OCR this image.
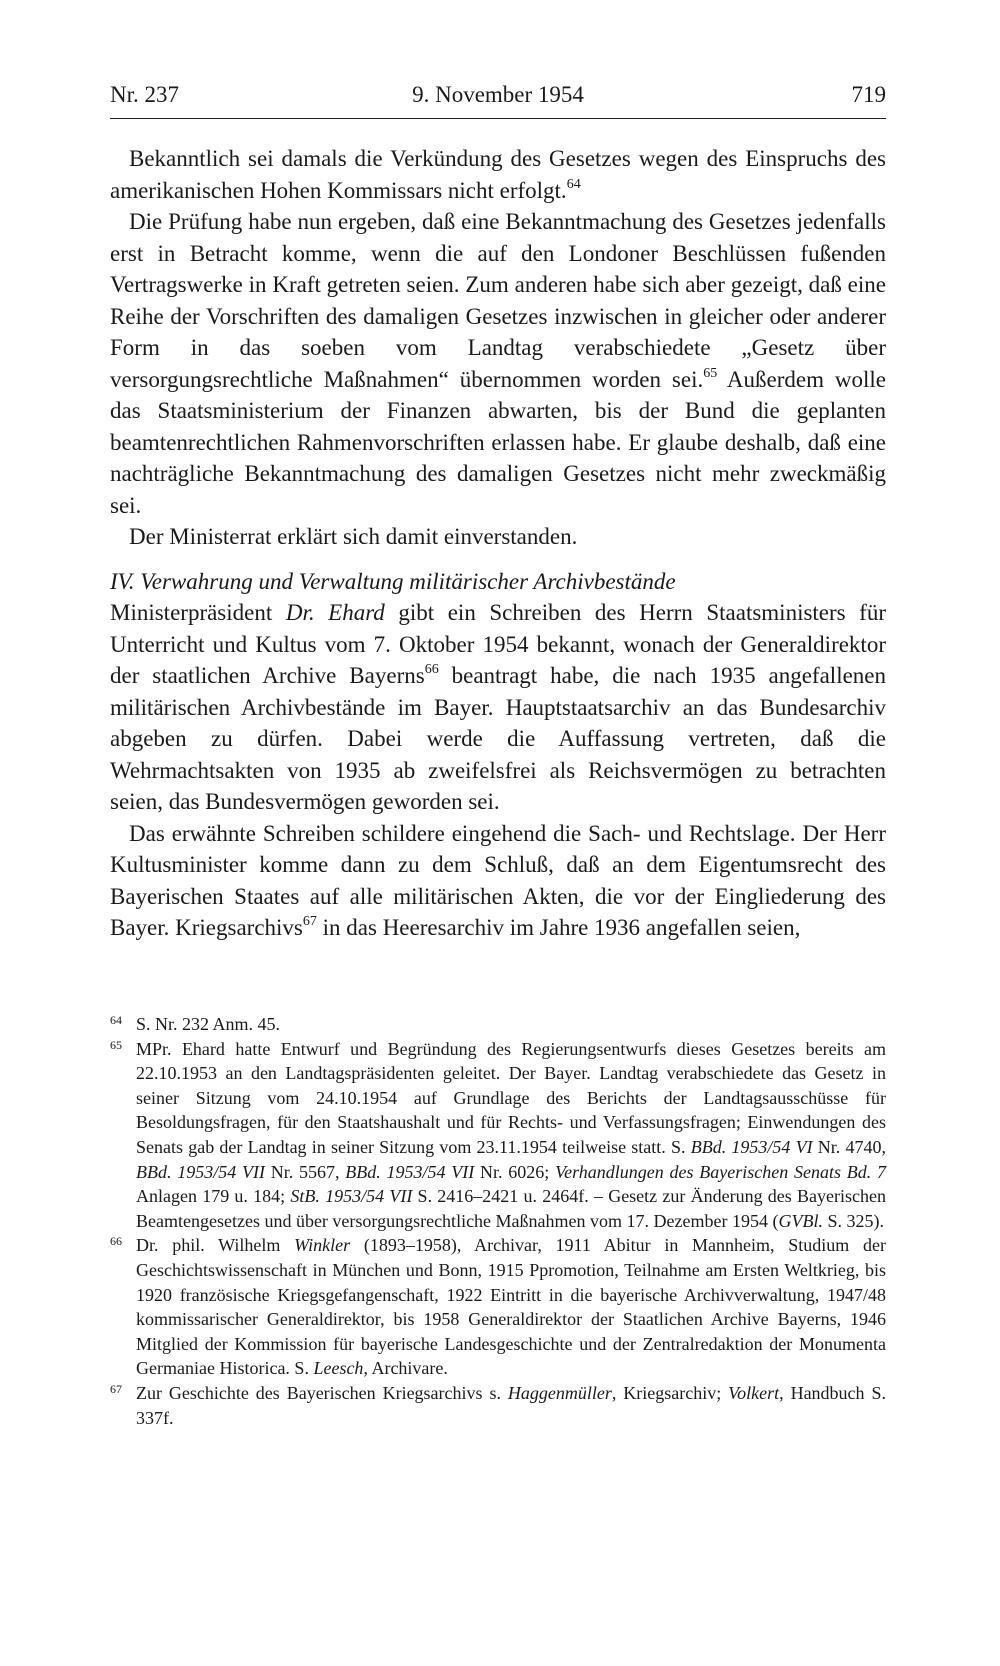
Nr. 237	9. November 1954	719

Bekanntlich sei damals die Verkündung des Gesetzes wegen des Einspruchs des amerikanischen Hohen Kommissars nicht erfolgt.$^{64}$

Die Prüfung habe nun ergeben, daß eine Bekanntmachung des Gesetzes jedenfalls erst in Betracht komme, wenn die auf den Londoner Beschlüssen fußenden Vertragswerke in Kraft getreten seien. Zum anderen habe sich aber gezeigt, daß eine Reihe der Vorschriften des damaligen Gesetzes inzwischen in gleicher oder anderer Form in das soeben vom Landtag verabschiedete „Gesetz über versorgungsrechtliche Maßnahmen“ übernommen worden sei.$^{65}$ Außerdem wolle das Staatsministerium der Finanzen abwarten, bis der Bund die geplanten beamtenrechtlichen Rahmenvorschriften erlassen habe. Er glaube deshalb, daß eine nachträgliche Bekanntmachung des damaligen Gesetzes nicht mehr zweckmäßig sei.

Der Ministerrat erklärt sich damit einverstanden.

IV. Verwahrung und Verwaltung militärischer Archivbestände

Ministerpräsident Dr. Ehard gibt ein Schreiben des Herrn Staatsministers für Unterricht und Kultus vom 7. Oktober 1954 bekannt, wonach der Generaldirektor der staatlichen Archive Bayerns$^{66}$ beantragt habe, die nach 1935 angefallenen militärischen Archivbestände im Bayer. Hauptstaatsarchiv an das Bundesarchiv abgeben zu dürfen. Dabei werde die Auffassung vertreten, daß die Wehrmachtsakten von 1935 ab zweifelsfrei als Reichsvermögen zu betrachten seien, das Bundesvermögen geworden sei.

Das erwähnte Schreiben schildere eingehend die Sach- und Rechtslage. Der Herr Kultusminister komme dann zu dem Schluß, daß an dem Eigentumsrecht des Bayerischen Staates auf alle militärischen Akten, die vor der Eingliederung des Bayer. Kriegsarchivs$^{67}$ in das Heeresarchiv im Jahre 1936 angefallen seien,

64 S. Nr. 232 Anm. 45.

65 MPr. Ehard hatte Entwurf und Begründung des Regierungsentwurfs dieses Gesetzes bereits am 22.10.1953 an den Landtagspräsidenten geleitet. Der Bayer. Landtag verabschiedete das Gesetz in seiner Sitzung vom 24.10.1954 auf Grundlage des Berichts der Landtagsausschüsse für Besoldungsfragen, für den Staatshaushalt und für Rechts- und Verfassungsfragen; Einwendungen des Senats gab der Landtag in seiner Sitzung vom 23.11.1954 teilweise statt. S. BBd. 1953/54 VI Nr. 4740, BBd. 1953/54 VII Nr. 5567, BBd. 1953/54 VII Nr. 6026; Verhandlungen des Bayerischen Senats Bd. 7 Anlagen 179 u. 184; StB. 1953/54 VII S. 2416–2421 u. 2464f. – Gesetz zur Änderung des Bayerischen Beamtengesetzes und über versorgungsrechtliche Maßnahmen vom 17. Dezember 1954 (GVBl. S. 325).

66 Dr. phil. Wilhelm Winkler (1893–1958), Archivar, 1911 Abitur in Mannheim, Studium der Geschichtswissenschaft in München und Bonn, 1915 Ppromotion, Teilnahme am Ersten Weltkrieg, bis 1920 französische Kriegsgefangenschaft, 1922 Eintritt in die bayerische Archivverwaltung, 1947/48 kommissarischer Generaldirektor, bis 1958 Generaldirektor der Staatlichen Archive Bayerns, 1946 Mitglied der Kommission für bayerische Landesgeschichte und der Zentralredaktion der Monumenta Germaniae Historica. S. Leesch, Archivare.

67 Zur Geschichte des Bayerischen Kriegsarchivs s. Haggenmüller, Kriegsarchiv; Volkert, Handbuch S. 337f.
